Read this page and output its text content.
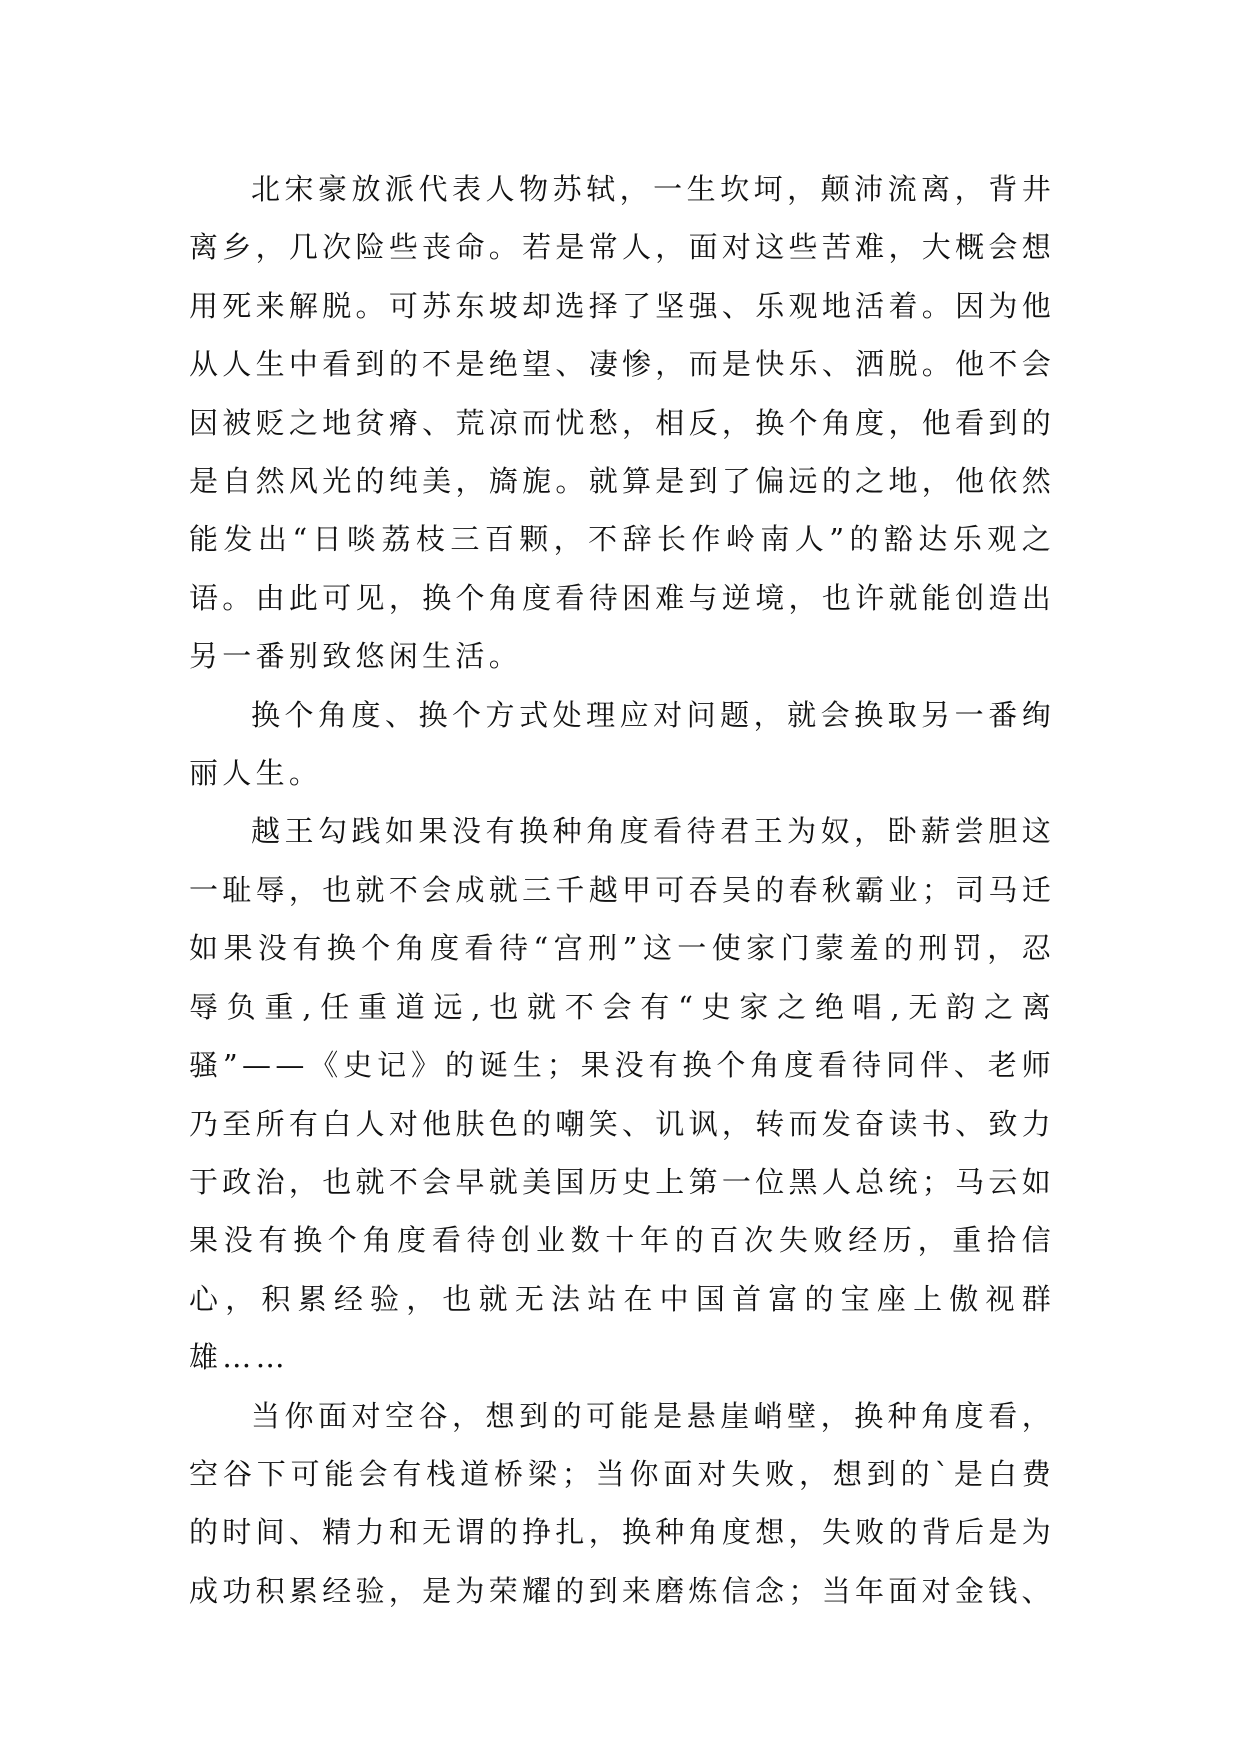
北宋豪放派代表人物苏轼，一生坎坷，颠沛流离，背井离乡，几次险些丧命。若是常人，面对这些苦难，大概会想用死来解脱。可苏东坡却选择了坚强、乐观地活着。因为他从人生中看到的不是绝望、凄惨，而是快乐、洒脱。他不会因被贬之地贫瘠、荒凉而忧愁，相反，换个角度，他看到的是自然风光的纯美，旖旎。就算是到了偏远的之地，他依然能发出“日啖荔枝三百颗，不辞长作岭南人”的豁达乐观之语。由此可见，换个角度看待困难与逆境，也许就能创造出另一番别致悠闲生活。

换个角度、换个方式处理应对问题，就会换取另一番绚丽人生。

越王勾践如果没有换种角度看待君王为奴，卧薪尝胆这一耻辱，也就不会成就三千越甲可吞吴的春秋霸业；司马迁如果没有换个角度看待“宫刑”这一使家门蒙羞的刑罚，忍辱负重,任重道远,也就不会有“史家之绝唱,无韵之离骚”——《史记》的诞生；果没有换个角度看待同伴、老师乃至所有白人对他肤色的嘲笑、讥讽，转而发奋读书、致力于政治，也就不会早就美国历史上第一位黑人总统；马云如果没有换个角度看待创业数十年的百次失败经历，重拾信心，积累经验，也就无法站在中国首富的宝座上傲视群雄……

当你面对空谷，想到的可能是悬崖峭壁，换种角度看，空谷下可能会有栈道桥梁；当你面对失败，想到的`是白费的时间、精力和无谓的挣扎，换种角度想，失败的背后是为成功积累经验，是为荣耀的到来磨炼信念；当年面对金钱、
